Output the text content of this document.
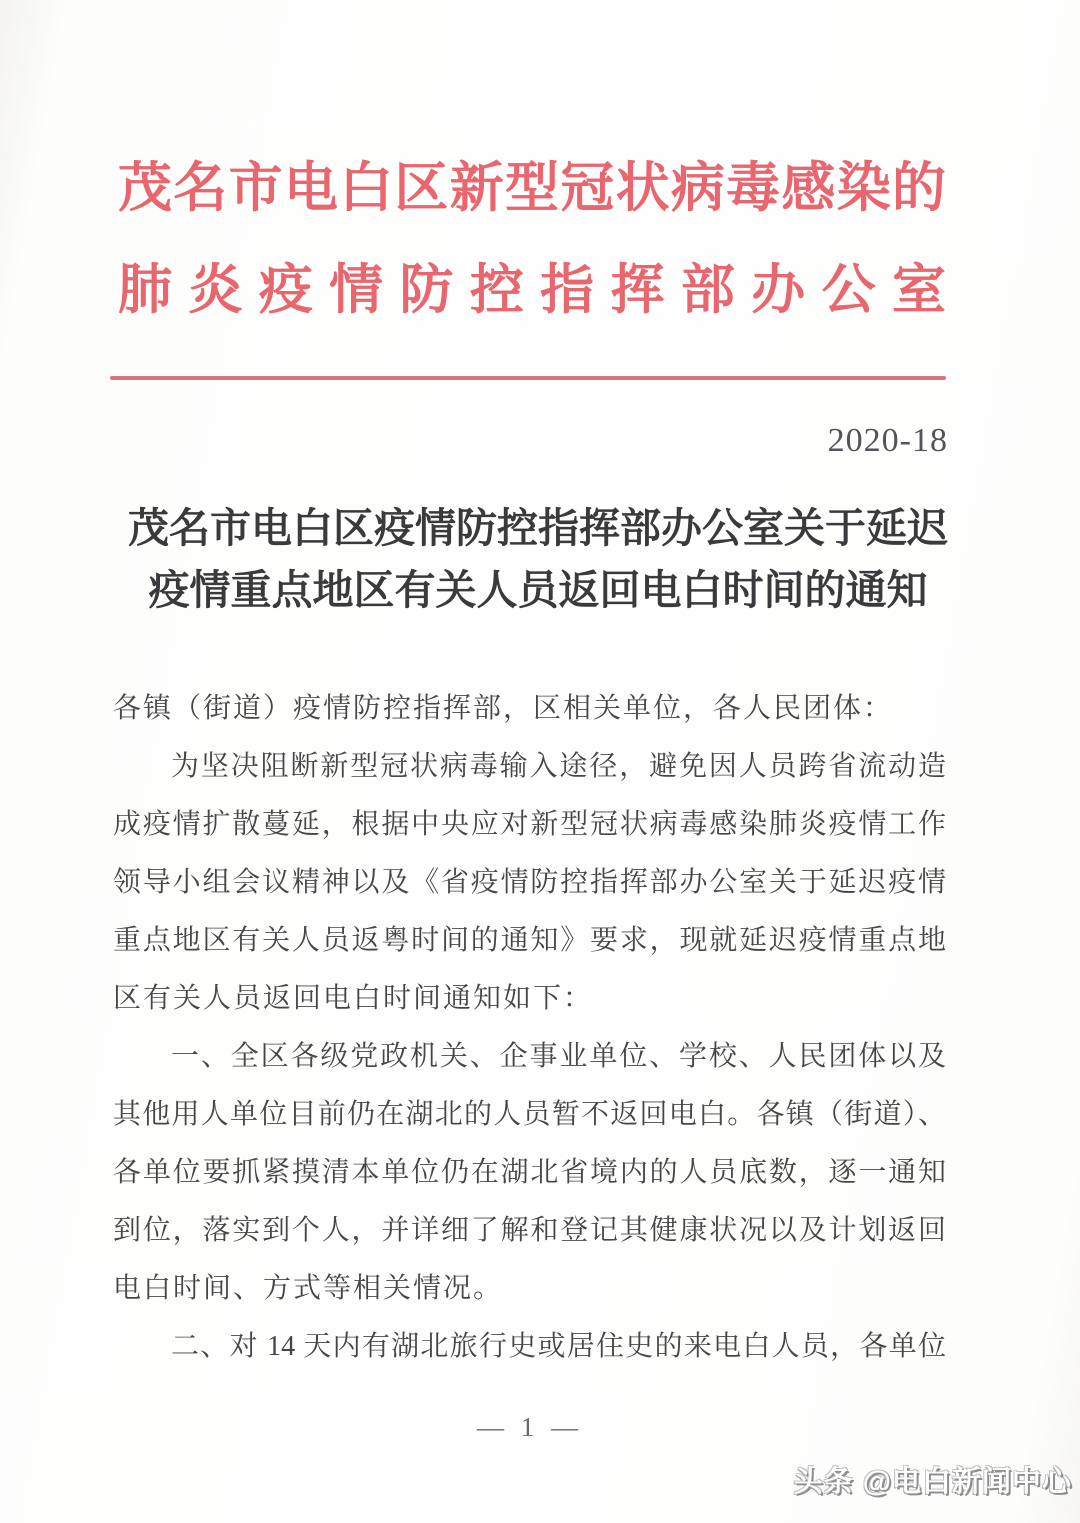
茂名市电白区新型冠状病毒感染的
肺炎疫情防控指挥部办公室
2020-18
茂名市电白区疫情防控指挥部办公室关于延迟
疫情重点地区有关人员返回电白时间的通知
各镇（街道）疫情防控指挥部，区相关单位，各人民团体：
为坚决阻断新型冠状病毒输入途径，避免因人员跨省流动造
成疫情扩散蔓延，根据中央应对新型冠状病毒感染肺炎疫情工作
领导小组会议精神以及《省疫情防控指挥部办公室关于延迟疫情
重点地区有关人员返粤时间的通知》要求，现就延迟疫情重点地
区有关人员返回电白时间通知如下：
一、全区各级党政机关、企事业单位、学校、人民团体以及
其他用人单位目前仍在湖北的人员暂不返回电白。各镇（街道）、
各单位要抓紧摸清本单位仍在湖北省境内的人员底数，逐一通知
到位，落实到个人，并详细了解和登记其健康状况以及计划返回
电白时间、方式等相关情况。
二、对 14 天内有湖北旅行史或居住史的来电白人员，各单位
— 1 —
头条 @电白新闻中心
